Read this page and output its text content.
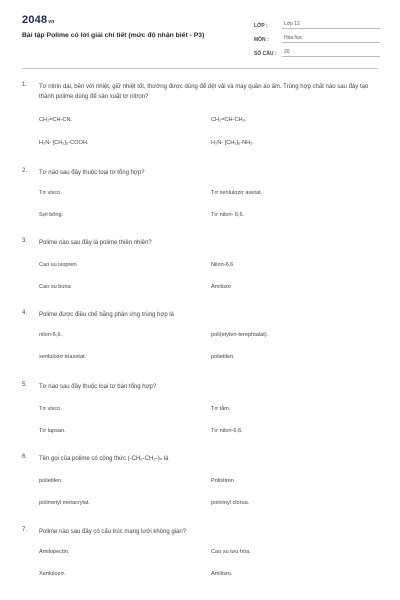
2048vn
Bài tập Polime có lời giải chi tiết (mức độ nhận biết - P3)
LỚP :	Lớp 12
MÔN :	Hóa học
SỐ CÂU :	20
1. Tơ nitrin dai, bền với nhiệt, giữ nhiệt tốt, thường được dùng để dệt vải và may quần áo ấm. Trùng hợp chất nào sau đây tạo thành polime dùng để sản xuất tơ nitron?
CH₂=CH-CN.	CH₂=CH-CH₃.
H₂N- [CH₂]₅-COOH.	H₂N- [CH₂]₆-NH₂.
2. Tơ nào sau đây thuộc loại tơ tổng hợp?
Tơ visco.	Tơ xenlulozơ axetat.
Sợi bông.	Tơ nilon- 6,6.
3. Polime nào sau đây là polime thiên nhiên?
Cao su isopren	Nilon-6,6
Cao su buna	Amilozo
4. Polime được điều chế bằng phản ứng trùng hợp là
nilon-6,6.	poli(etylen-terephtalat).
xenlulozơ triaxetat.	polietilen.
5. Tơ nào sau đây thuộc loại tơ bán tổng hợp?
Tơ visco.	Tơ tằm.
Tơ lapsan.	Tơ nilon-6,6.
6. Tên gọi của polime có công thức (-CH₂-CH₂-)ₙ là
polietilen.	Polistiren
polimetyl metacrylat.	polivinyl clorua.
7. Polime nào sau đây có cấu trúc mạng lưới không gian?
Amilopectin.	Cao su lưu hóa.
Xenlulozơ.	Amilozo.
